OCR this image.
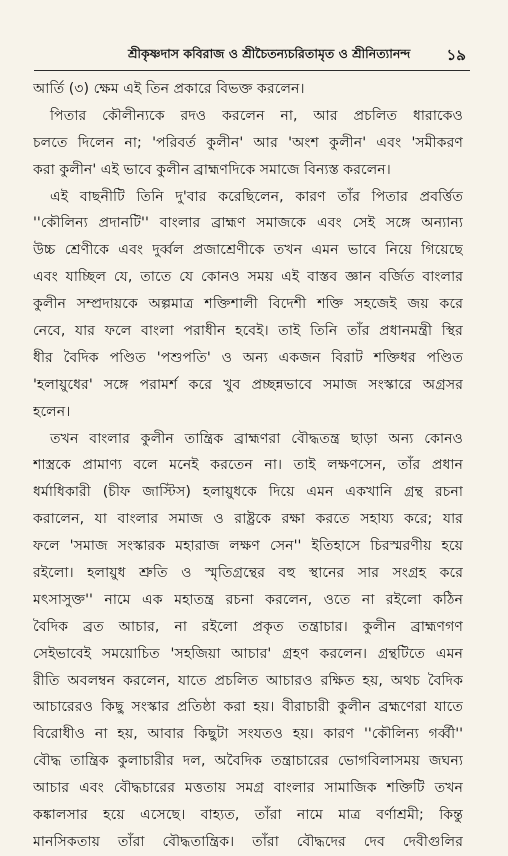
শ্রীকৃষ্ণদাস কবিরাজ ও শ্রীচৈতন্যচরিতামৃত ও শ্রীনিত্যানন্দ ১৯
আর্তি (৩) ক্ষেম এই তিন প্রকারে বিভক্ত করলেন।
পিতার কৌলীন্যকে রদও করলেন না, আর প্রচলিত ধারাকেও
চলতে দিলেন না; 'পরিবর্ত কুলীন' আর 'অংশ কুলীন' এবং 'সমীকরণ
করা কুলীন' এই ভাবে কুলীন ব্রাহ্মণদিকে সমাজে বিন্যস্ত করলেন।
এই বাছনীটি তিনি দু'বার করেছিলেন, কারণ তাঁর পিতার প্রবর্ত্তিত
''কৌলিন্য প্রদানটি'' বাংলার ব্রাহ্মণ সমাজকে এবং সেই সঙ্গে অন্যান্য
উচ্চ শ্রেণীকে এবং দুর্ব্বল প্রজাশ্রেণীকে তখন এমন ভাবে নিয়ে গিয়েছে
এবং যাচ্ছিল যে, তাতে যে কোনও সময় এই বাস্তব জ্ঞান বর্জিত বাংলার
কুলীন সম্প্রদায়কে অল্পমাত্র শক্তিশালী বিদেশী শক্তি সহজেই জয় করে
নেবে, যার ফলে বাংলা পরাধীন হবেই। তাই তিনি তাঁর প্রধানমন্ত্রী স্থির
ধীর বৈদিক পণ্ডিত 'পশুপতি' ও অন্য একজন বিরাট শক্তিধর পণ্ডিত
'হলায়ুধের' সঙ্গে পরামর্শ করে খুব প্রচ্ছন্নভাবে সমাজ সংস্কারে অগ্রসর
হলেন।
তখন বাংলার কুলীন তান্ত্রিক ব্রাহ্মণরা বৌদ্ধতন্ত্র ছাড়া অন্য কোনও
শাস্ত্রকে প্রামাণ্য বলে মনেই করতেন না। তাই লক্ষণসেন, তাঁর প্রধান
ধর্মাধিকারী (চীফ জাস্টিস) হলায়ুধকে দিয়ে এমন একখানি গ্রন্থ রচনা
করালেন, যা বাংলার সমাজ ও রাষ্ট্রকে রক্ষা করতে সহায্য করে; যার
ফলে 'সমাজ সংস্কারক মহারাজ লক্ষণ সেন'' ইতিহাসে চিরস্মরণীয় হয়ে
রইলো। হলায়ুধ শ্রুতি ও স্মৃতিগ্রন্থের বহু স্থানের সার সংগ্রহ করে
মৎসাসুক্ত'' নামে এক মহাতন্ত্র রচনা করলেন, ওতে না রইলো কঠিন
বৈদিক ব্রত আচার, না রইলো প্রকৃত তন্ত্রাচার। কুলীন ব্রাহ্মণগণ
সেইভাবেই সময়োচিত 'সহজিয়া আচার' গ্রহণ করলেন। গ্রন্থটিতে এমন
রীতি অবলম্বন করলেন, যাতে প্রচলিত আচারও রক্ষিত হয়, অথচ বৈদিক
আচারেরও কিছু সংস্কার প্রতিষ্ঠা করা হয়। বীরাচারী কুলীন ব্রহ্মণেরা যাতে
বিরোধীও না হয়, আবার কিছুটা সংযতও হয়। কারণ ''কৌলিন্য গর্ব্বী''
বৌদ্ধ তান্ত্রিক কুলাচারীর দল, অবৈদিক তন্ত্রাচারের ভোগবিলাসময় জঘন্য
আচার এবং বৌদ্ধচারের মত্ততায় সমগ্র বাংলার সামাজিক শক্তিটি তখন
কঙ্কালসার হয়ে এসেছে। বাহ্যত, তাঁরা নামে মাত্র বর্ণাশ্রমী; কিন্তু
মানসিকতায় তাঁরা বৌদ্ধতান্ত্রিক। তাঁরা বৌদ্ধদের দেব দেবীগুলির
